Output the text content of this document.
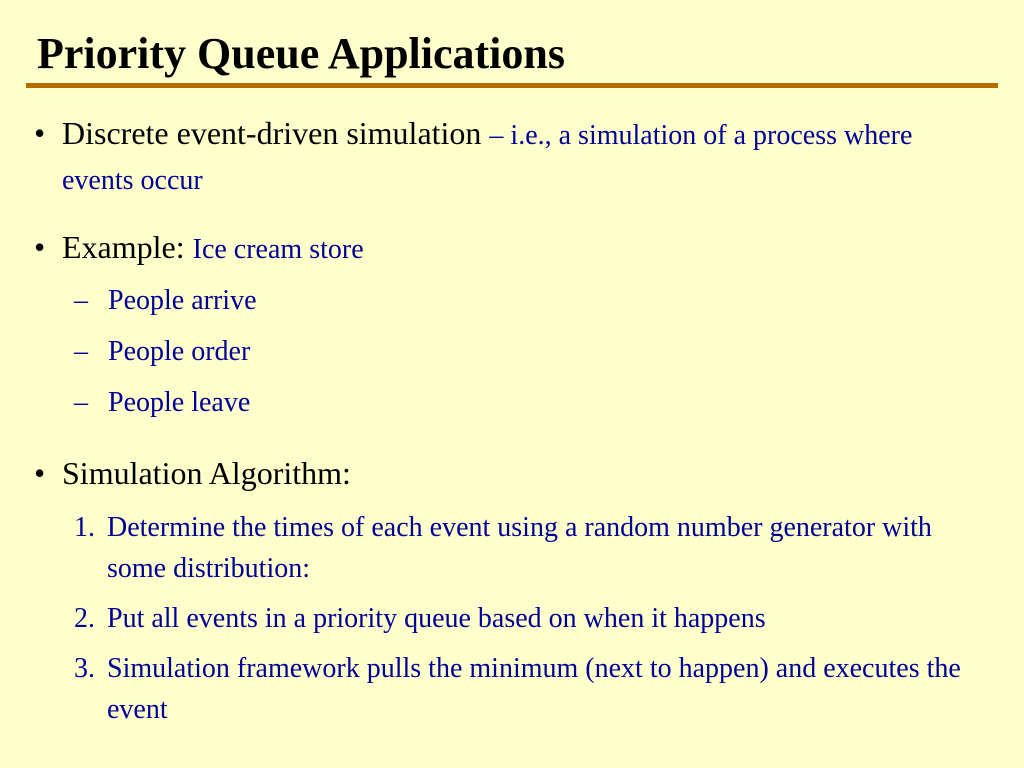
Priority Queue Applications
• Discrete event-driven simulation – i.e., a simulation of a process where events occur
• Example: Ice cream store
– People arrive
– People order
– People leave
• Simulation Algorithm:
1. Determine the times of each event using a random number generator with some distribution:
2. Put all events in a priority queue based on when it happens
3. Simulation framework pulls the minimum (next to happen) and executes the event
